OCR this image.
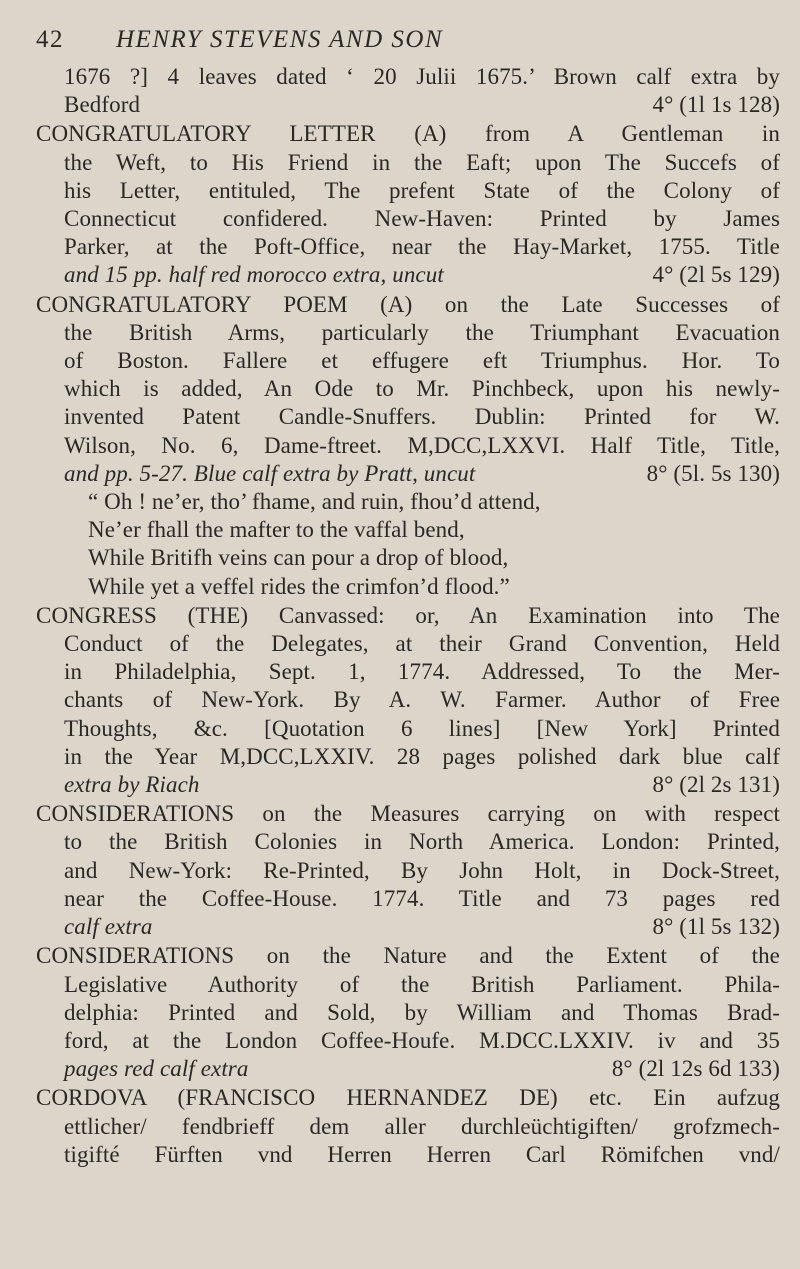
42 HENRY STEVENS AND SON
1676 ?] 4 leaves dated ‘ 20 Julii 1675.’ Brown calf extra by
Bedford	4° (1l 1s 128)
CONGRATULATORY LETTER (A) from A Gentleman in
the Weft, to His Friend in the Eaft; upon The Succefs of
his Letter, entituled, The prefent State of the Colony of
Connecticut confidered. New-Haven: Printed by James
Parker, at the Poft-Office, near the Hay-Market, 1755. Title
and 15 pp. half red morocco extra, uncut	4° (2l 5s 129)
CONGRATULATORY POEM (A) on the Late Successes of
the British Arms, particularly the Triumphant Evacuation
of Boston. Fallere et effugere eft Triumphus. Hor. To
which is added, An Ode to Mr. Pinchbeck, upon his newly-
invented Patent Candle-Snuffers. Dublin: Printed for W.
Wilson, No. 6, Dame-ftreet. M,DCC,LXXVI. Half Title, Title,
and pp. 5-27. Blue calf extra by Pratt, uncut	8° (5l. 5s 130)
“ Oh ! ne’er, tho’ fhame, and ruin, fhou’d attend,
Ne’er fhall the mafter to the vaffal bend,
While Britifh veins can pour a drop of blood,
While yet a veffel rides the crimfon’d flood.”
CONGRESS (THE) Canvassed: or, An Examination into The
Conduct of the Delegates, at their Grand Convention, Held
in Philadelphia, Sept. 1, 1774. Addressed, To the Mer-
chants of New-York. By A. W. Farmer. Author of Free
Thoughts, &c. [Quotation 6 lines] [New York] Printed
in the Year M,DCC,LXXIV. 28 pages polished dark blue calf
extra by Riach	8° (2l 2s 131)
CONSIDERATIONS on the Measures carrying on with respect
to the British Colonies in North America. London: Printed,
and New-York: Re-Printed, By John Holt, in Dock-Street,
near the Coffee-House. 1774. Title and 73 pages red
calf extra	8° (1l 5s 132)
CONSIDERATIONS on the Nature and the Extent of the
Legislative Authority of the British Parliament. Phila-
delphia: Printed and Sold, by William and Thomas Brad-
ford, at the London Coffee-Houfe. M.DCC.LXXIV. iv and 35
pages red calf extra	8° (2l 12s 6d 133)
CORDOVA (FRANCISCO HERNANDEZ DE) etc. Ein aufzug
ettlicher/ fendbrieff dem aller durchleüchtigiften/ grofzmech-
tigifté Fürften vnd Herren Herren Carl Römifchen vnd/
